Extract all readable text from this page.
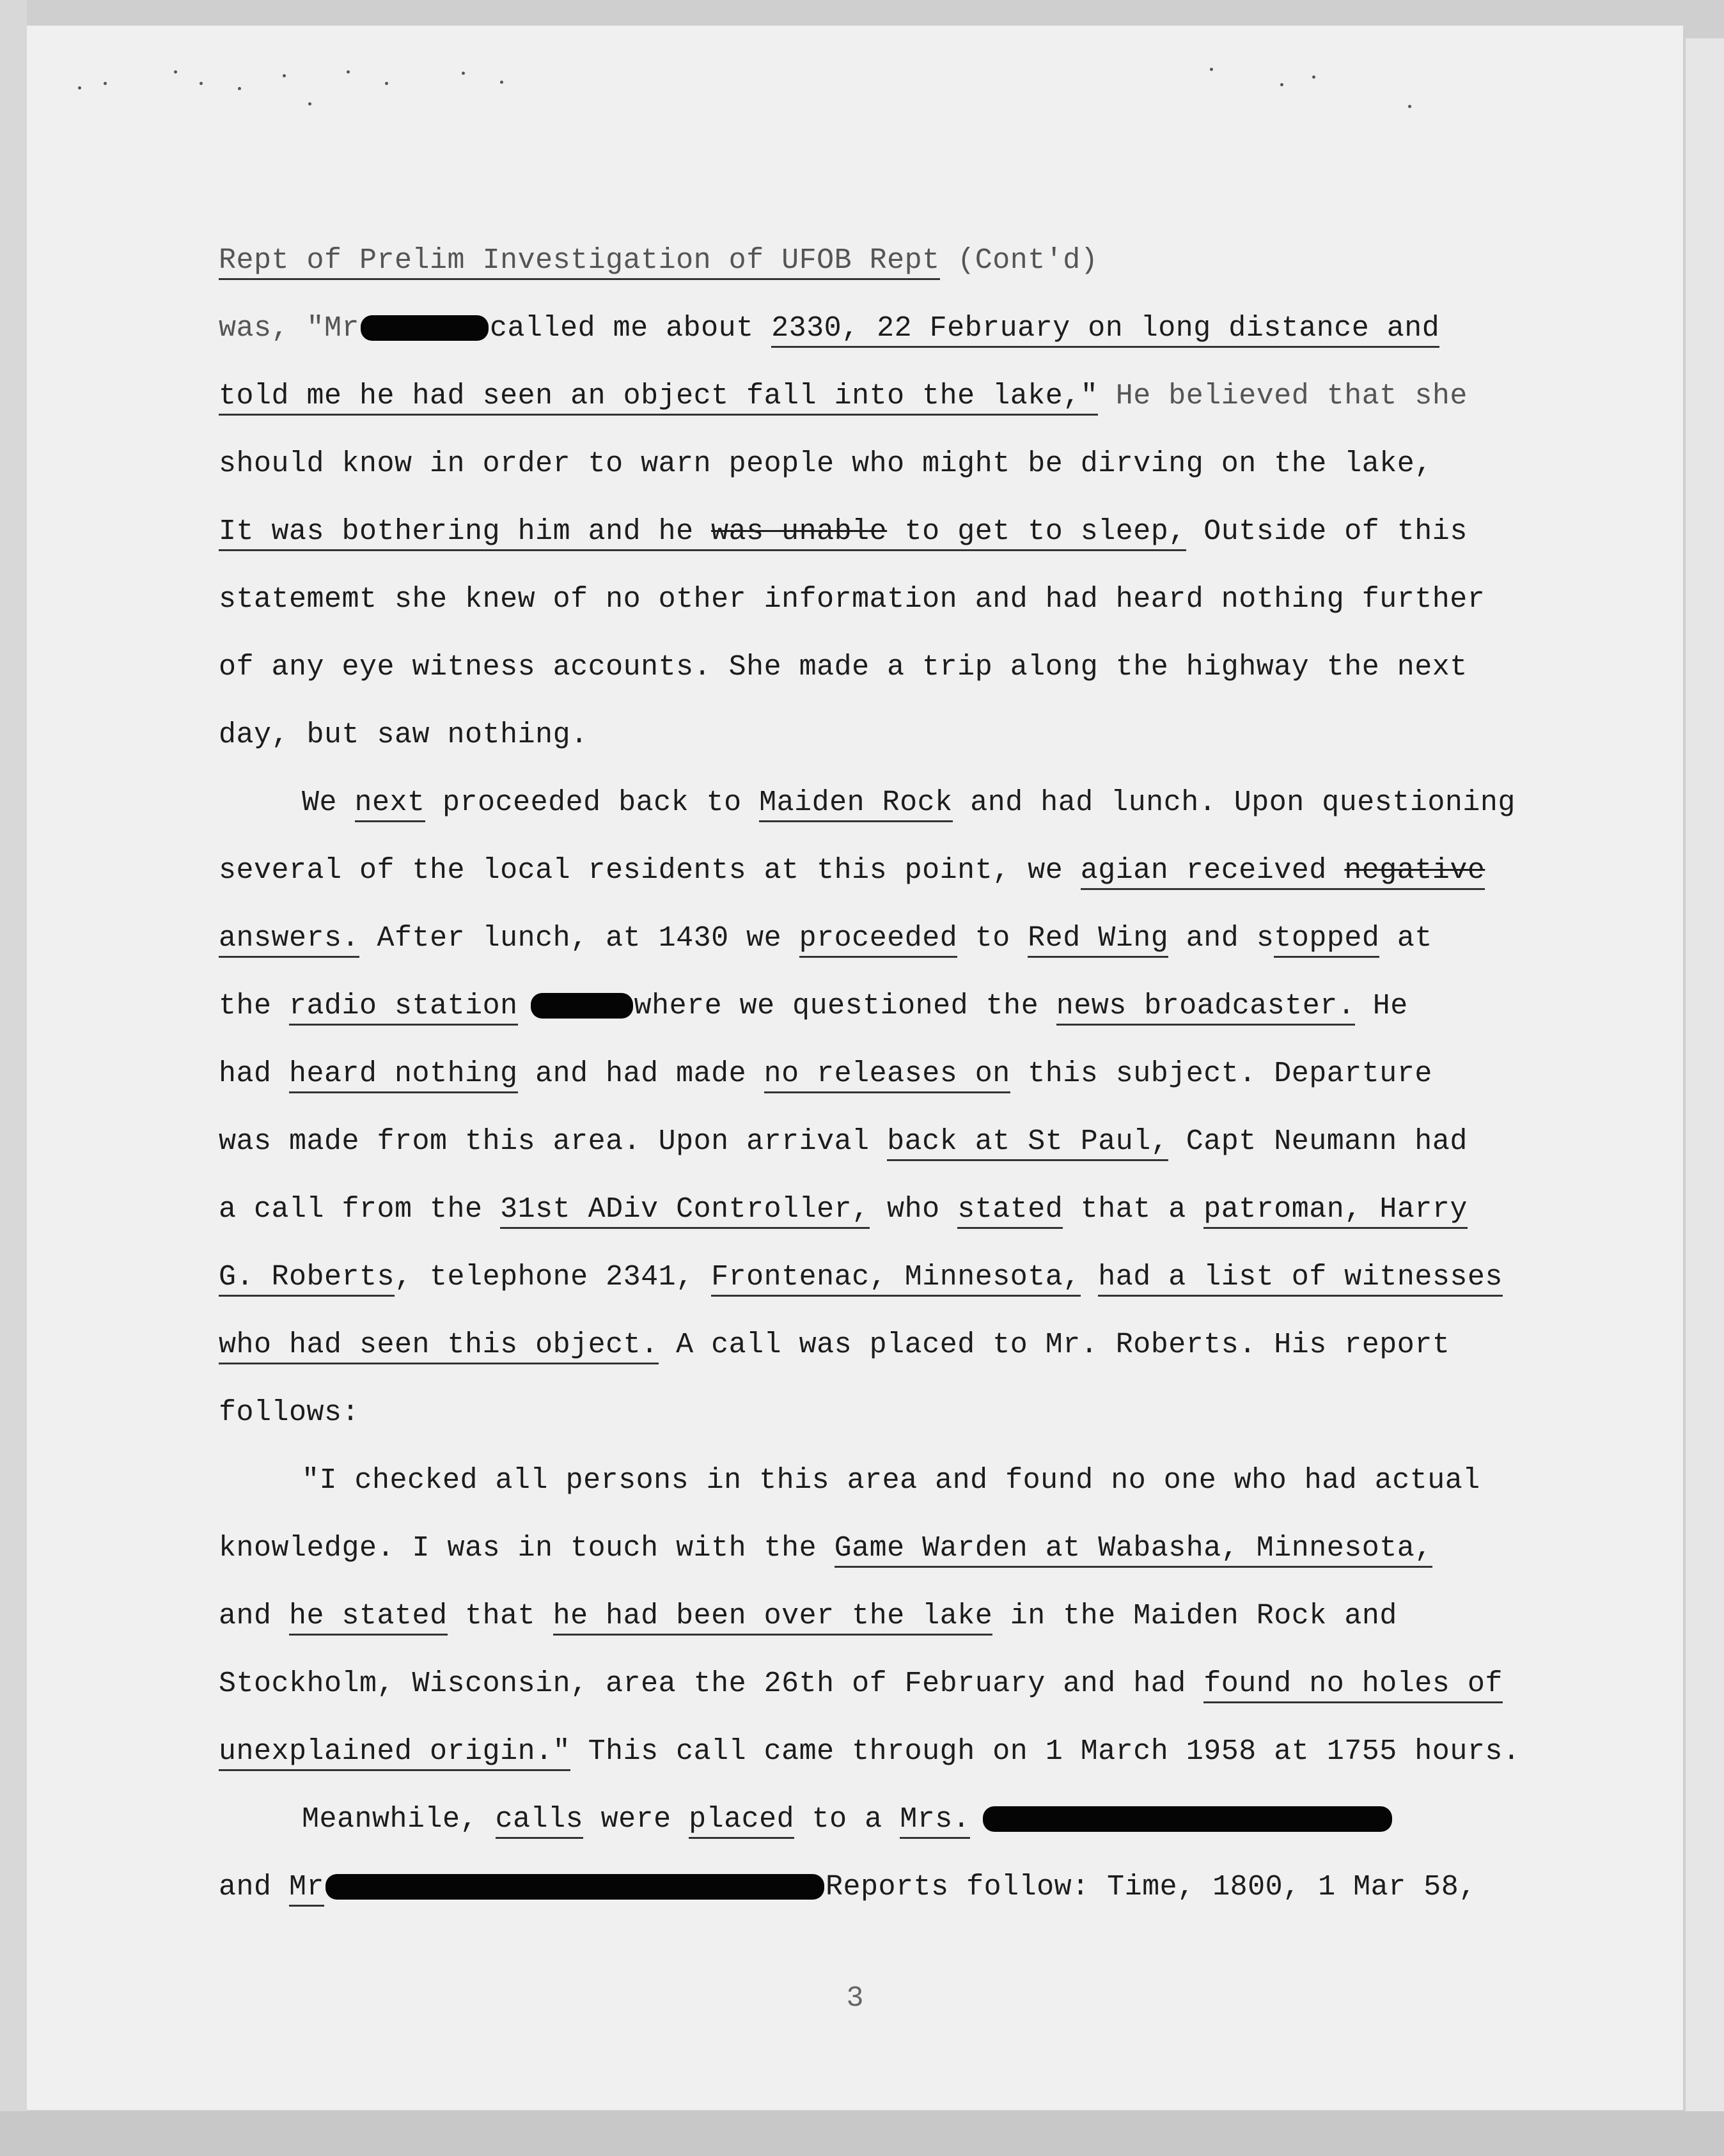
Rept of Prelim Investigation of UFOB Rept (Cont'd)
was, "Mr	called me about 2330, 22 February on long distance and
told me he had seen an object fall into the lake," He believed that she
should know in order to warn people who might be dirving on the lake,
It was bothering him and he was unable to get to sleep, Outside of this
statememt she knew of no other information and had heard nothing further
of any eye witness accounts. She made a trip along the highway the next
day, but saw nothing.
We next proceeded back to Maiden Rock and had lunch. Upon questioning
several of the local residents at this point, we agian received negative
answers. After lunch, at 1430 we proceeded to Red Wing and stopped at
the radio station	where we questioned the news broadcaster. He
had heard nothing and had made no releases on this subject. Departure
was made from this area. Upon arrival back at St Paul, Capt Neumann had
a call from the 31st ADiv Controller, who stated that a patroman, Harry
G. Roberts, telephone 2341, Frontenac, Minnesota, had a list of witnesses
who had seen this object. A call was placed to Mr. Roberts. His report
follows:
"I checked all persons in this area and found no one who had actual
knowledge. I was in touch with the Game Warden at Wabasha, Minnesota,
and he stated that he had been over the lake in the Maiden Rock and
Stockholm, Wisconsin, area the 26th of February and had found no holes of
unexplained origin." This call came through on 1 March 1958 at 1755 hours.
Meanwhile, calls were placed to a Mrs.
and Mr	Reports follow: Time, 1800, 1 Mar 58,
3
